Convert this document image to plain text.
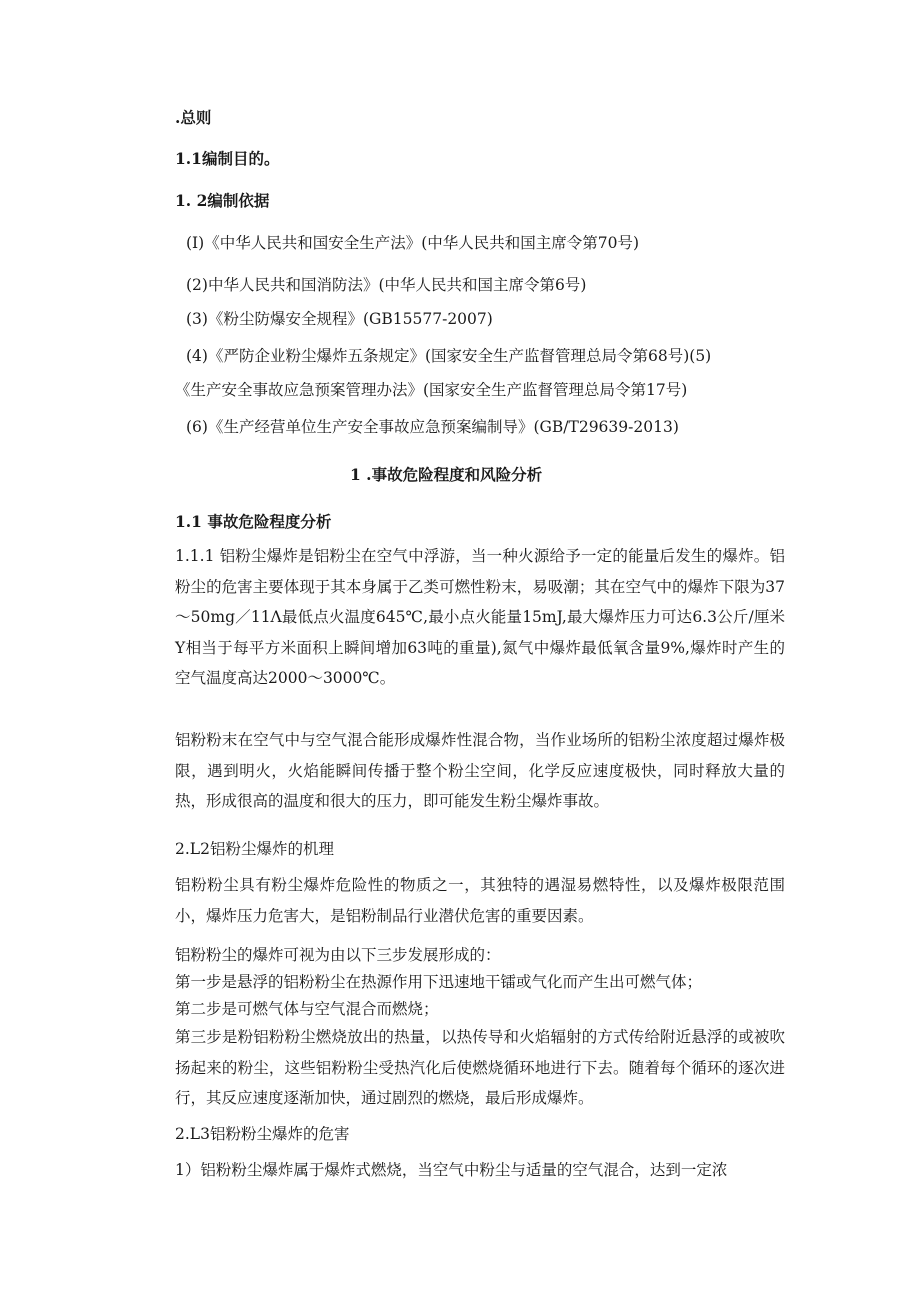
.总则
1.1编制目的。
1. 2编制依据
(I)《中华人民共和国安全生产法》(中华人民共和国主席令第70号)
(2)中华人民共和国消防法》(中华人民共和国主席令第6号)
(3)《粉尘防爆安全规程》(GB15577-2007)
(4)《严防企业粉尘爆炸五条规定》(国家安全生产监督管理总局令第68号)(5)
《生产安全事故应急预案管理办法》(国家安全生产监督管理总局令第17号)
(6)《生产经营单位生产安全事故应急预案编制导》(GB/T29639-2013)
1 .事故危险程度和风险分析
1.1 事故危险程度分析
1.1.1 铝粉尘爆炸是铝粉尘在空气中浮游，当一种火源给予一定的能量后发生的爆炸。铝粉尘的危害主要体现于其本身属于乙类可燃性粉末，易吸潮；其在空气中的爆炸下限为37～50mg／11Λ最低点火温度645℃,最小点火能量15mJ,最大爆炸压力可达6.3公斤/厘米Y相当于每平方米面积上瞬间增加63吨的重量),氮气中爆炸最低氧含量9%,爆炸时产生的空气温度高达2000～3000℃。
铝粉粉末在空气中与空气混合能形成爆炸性混合物，当作业场所的铝粉尘浓度超过爆炸极限，遇到明火，火焰能瞬间传播于整个粉尘空间，化学反应速度极快，同时释放大量的热，形成很高的温度和很大的压力，即可能发生粉尘爆炸事故。
2.L2铝粉尘爆炸的机理
铝粉粉尘具有粉尘爆炸危险性的物质之一，其独特的遇湿易燃特性，以及爆炸极限范围小，爆炸压力危害大，是铝粉制品行业潜伏危害的重要因素。
铝粉粉尘的爆炸可视为由以下三步发展形成的：
第一步是悬浮的铝粉粉尘在热源作用下迅速地干镭或气化而产生出可燃气体；
第二步是可燃气体与空气混合而燃烧；
第三步是粉铝粉粉尘燃烧放出的热量，以热传导和火焰辐射的方式传给附近悬浮的或被吹扬起来的粉尘，这些铝粉粉尘受热汽化后使燃烧循环地进行下去。随着每个循环的逐次进行，其反应速度逐渐加快，通过剧烈的燃烧，最后形成爆炸。
2.L3铝粉粉尘爆炸的危害
1）铝粉粉尘爆炸属于爆炸式燃烧，当空气中粉尘与适量的空气混合，达到一定浓
